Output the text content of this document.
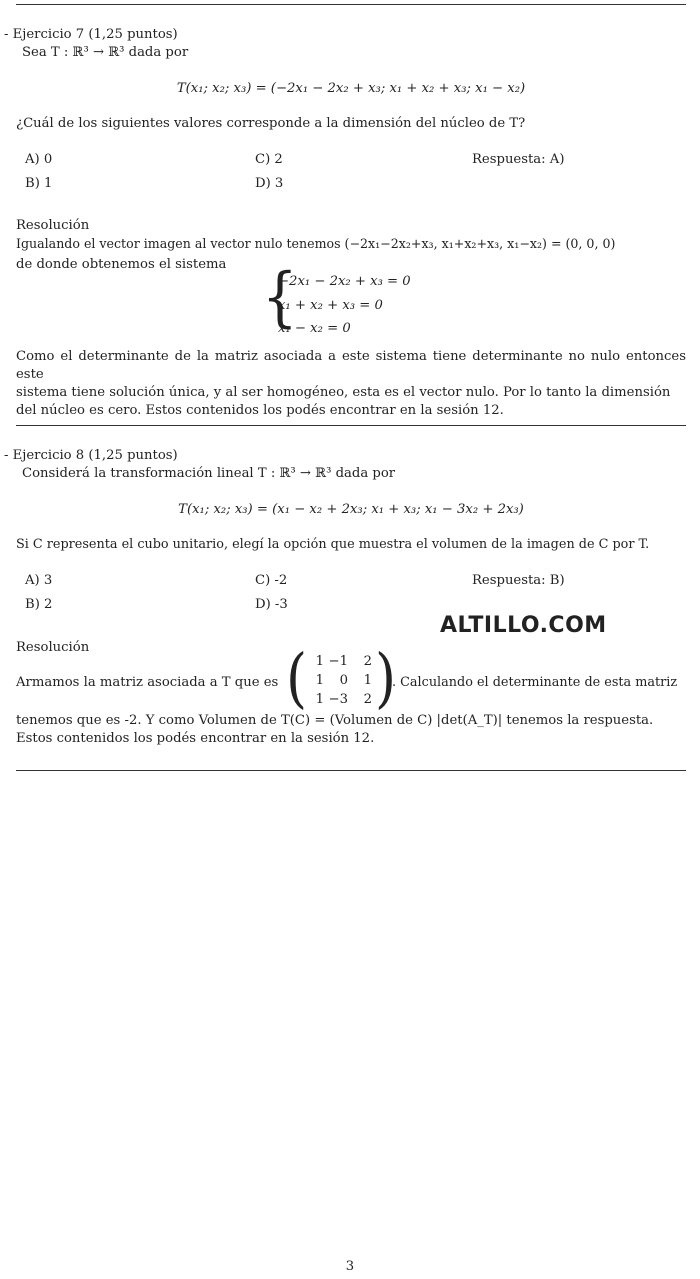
- Ejercicio 7 (1,25 puntos)
Sea T : ℝ³ → ℝ³ dada por
T(x₁; x₂; x₃) = (−2x₁ − 2x₂ + x₃; x₁ + x₂ + x₃; x₁ − x₂)
¿Cuál de los siguientes valores corresponde a la dimensión del núcleo de T?
A) 0	C) 2	Respuesta: A)
B) 1	D) 3
Resolución
Igualando el vector imagen al vector nulo tenemos (−2x₁−2x₂+x₃, x₁+x₂+x₃, x₁−x₂) = (0, 0, 0)
de donde obtenemos el sistema {
−2x₁ − 2x₂ + x₃ = 0
x₁ + x₂ + x₃ = 0
x₁ − x₂ = 0
Como el determinante de la matriz asociada a este sistema tiene determinante no nulo entonces este
sistema tiene solución única, y al ser homogéneo, esta es el vector nulo. Por lo tanto la dimensión
del núcleo es cero. Estos contenidos los podés encontrar en la sesión 12.
- Ejercicio 8 (1,25 puntos)
Considerá la transformación lineal T : ℝ³ → ℝ³ dada por
T(x₁; x₂; x₃) = (x₁ − x₂ + 2x₃; x₁ + x₃; x₁ − 3x₂ + 2x₃)
Si C representa el cubo unitario, elegí la opción que muestra el volumen de la imagen de C por T.
A) 3	C) -2	Respuesta: B)
B) 2	D) -3
ALTILLO.COM
Resolución
Armamos la matriz asociada a T que es ( 1 −1	2
1	0	1
1 −3	2 )
. Calculando el determinante de esta matriz
tenemos que es -2. Y como Volumen de T(C) = (Volumen de C) |det(A_T)| tenemos la respuesta.
Estos contenidos los podés encontrar en la sesión 12.
3
